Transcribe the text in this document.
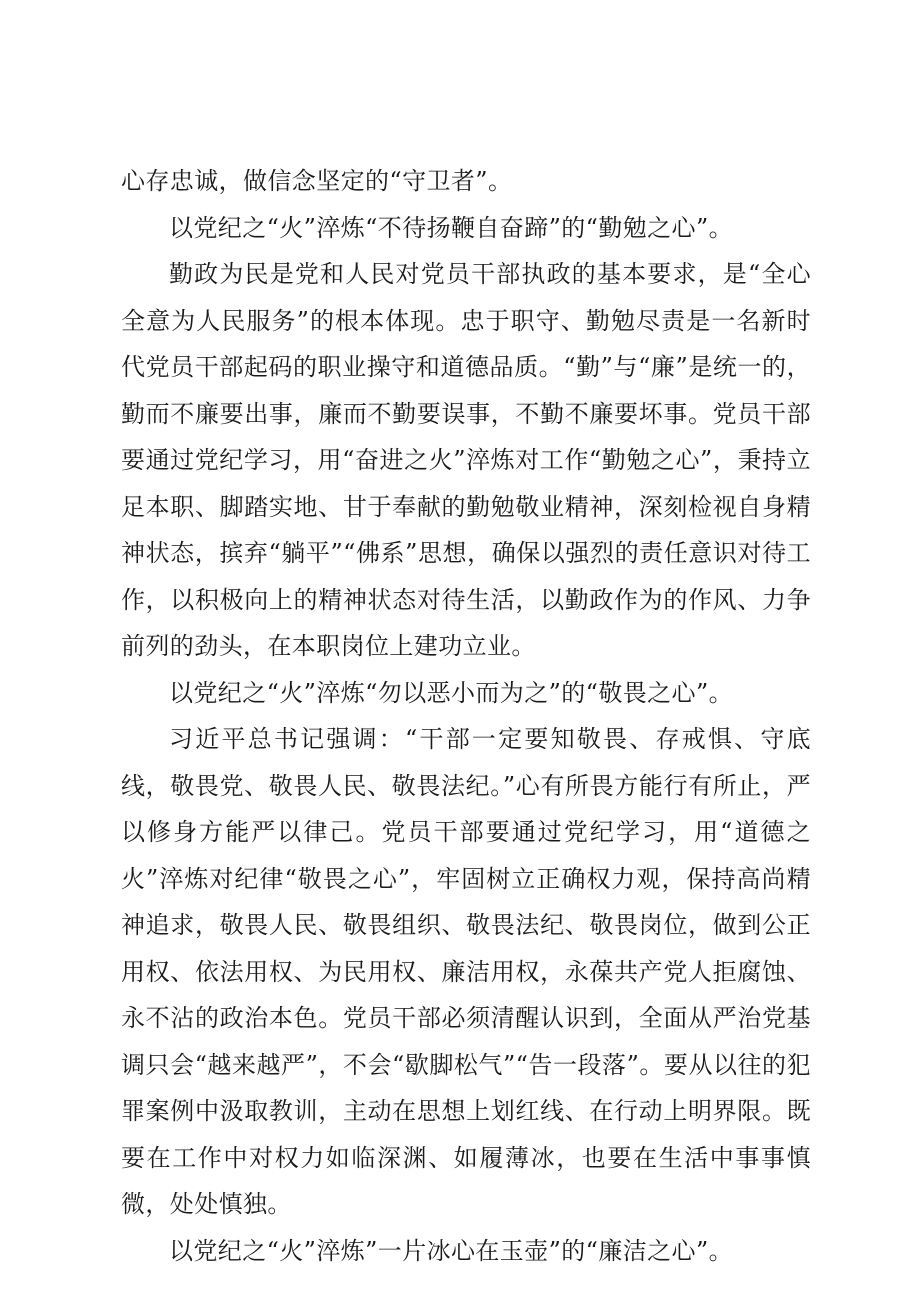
心存忠诚，做信念坚定的“守卫者”。

以党纪之“火”淬炼“不待扬鞭自奋蹄”的“勤勉之心”。

勤政为民是党和人民对党员干部执政的基本要求，是“全心全意为人民服务”的根本体现。忠于职守、勤勉尽责是一名新时代党员干部起码的职业操守和道德品质。“勤”与“廉”是统一的，勤而不廉要出事，廉而不勤要误事，不勤不廉要坏事。党员干部要通过党纪学习，用“奋进之火”淬炼对工作“勤勉之心”，秉持立足本职、脚踏实地、甘于奉献的勤勉敬业精神，深刻检视自身精神状态，摈弃“躺平”“佛系”思想，确保以强烈的责任意识对待工作，以积极向上的精神状态对待生活，以勤政作为的作风、力争前列的劲头，在本职岗位上建功立业。

以党纪之“火”淬炼“勿以恶小而为之”的“敬畏之心”。

习近平总书记强调：“干部一定要知敬畏、存戒惧、守底线，敬畏党、敬畏人民、敬畏法纪。”心有所畏方能行有所止，严以修身方能严以律己。党员干部要通过党纪学习，用“道德之火”淬炼对纪律“敬畏之心”，牢固树立正确权力观，保持高尚精神追求，敬畏人民、敬畏组织、敬畏法纪、敬畏岗位，做到公正用权、依法用权、为民用权、廉洁用权，永葆共产党人拒腐蚀、永不沾的政治本色。党员干部必须清醒认识到，全面从严治党基调只会“越来越严”，不会“歇脚松气”“告一段落”。要从以往的犯罪案例中汲取教训，主动在思想上划红线、在行动上明界限。既要在工作中对权力如临深渊、如履薄冰，也要在生活中事事慎微，处处慎独。

以党纪之“火”淬炼”一片冰心在玉壶”的“廉洁之心”。
